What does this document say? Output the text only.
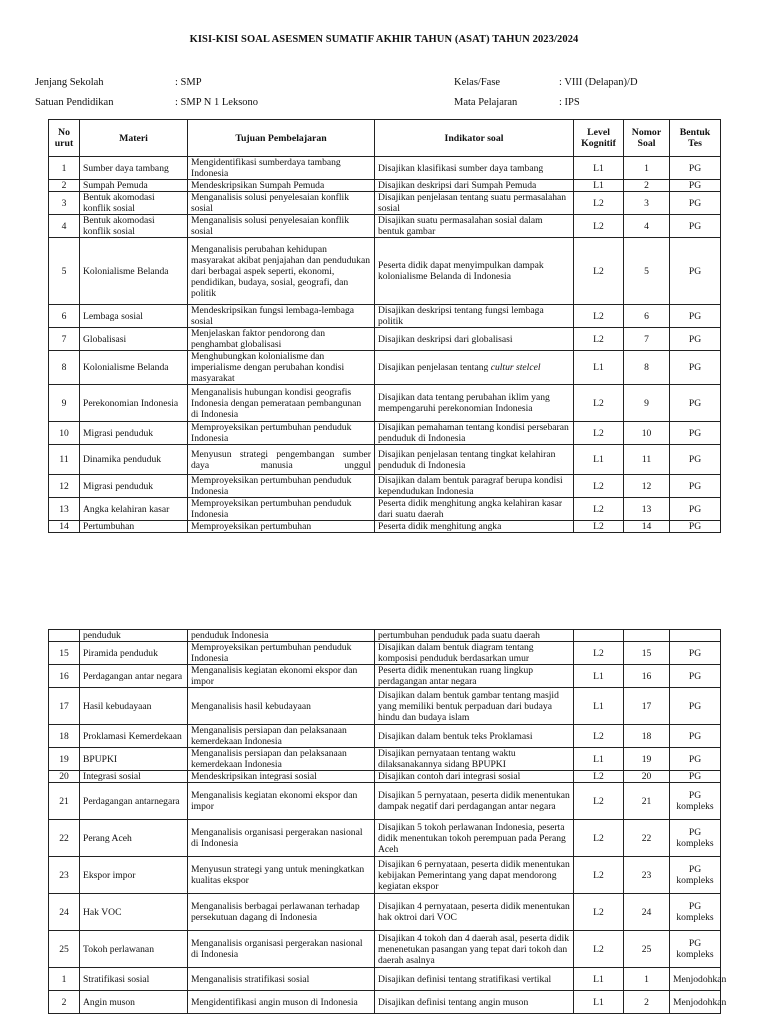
KISI-KISI SOAL ASESMEN SUMATIF AKHIR TAHUN (ASAT) TAHUN 2023/2024
Jenjang Sekolah	: SMP	Kelas/Fase	: VIII (Delapan)/D
Satuan Pendidikan	: SMP N 1 Leksono	Mata Pelajaran	: IPS
No urut	Materi	Tujuan Pembelajaran	Indikator soal	Level Kognitif	Nomor Soal	Bentuk Tes
1	Sumber daya tambang	Mengidentifikasi sumberdaya tambang Indonesia	Disajikan klasifikasi sumber daya tambang	L1	1	PG
2	Sumpah Pemuda	Mendeskripsikan Sumpah Pemuda	Disajikan deskripsi dari Sumpah Pemuda	L1	2	PG
3	Bentuk akomodasi konflik sosial	Menganalisis solusi penyelesaian konflik sosial	Disajikan penjelasan tentang suatu permasalahan sosial	L2	3	PG
4	Bentuk akomodasi konflik sosial	Menganalisis solusi penyelesaian konflik sosial	Disajikan suatu permasalahan sosial dalam bentuk gambar	L2	4	PG
5	Kolonialisme Belanda	Menganalisis perubahan kehidupan masyarakat akibat penjajahan dan pendudukan dari berbagai aspek seperti, ekonomi, pendidikan, budaya, sosial, geografi, dan politik	Peserta didik dapat menyimpulkan dampak kolonialisme Belanda di Indonesia	L2	5	PG
6	Lembaga sosial	Mendeskripsikan fungsi lembaga-lembaga sosial	Disajikan deskripsi tentang fungsi lembaga politik	L2	6	PG
7	Globalisasi	Menjelaskan faktor pendorong dan penghambat globalisasi	Disajikan deskripsi dari globalisasi	L2	7	PG
8	Kolonialisme Belanda	Menghubungkan kolonialisme dan imperialisme dengan perubahan kondisi masyarakat	Disajikan penjelasan tentang cultur stelcel	L1	8	PG
9	Perekonomian Indonesia	Menganalisis hubungan kondisi geografis Indonesia dengan pemerataan pembangunan di Indonesia	Disajikan data tentang perubahan iklim yang mempengaruhi perekonomian Indonesia	L2	9	PG
10	Migrasi penduduk	Memproyeksikan pertumbuhan penduduk Indonesia	Disajikan pemahaman tentang kondisi persebaran penduduk di Indonesia	L2	10	PG
11	Dinamika penduduk	Menyusun strategi pengembangan sumber daya manusia unggul	Disajikan penjelasan tentang tingkat kelahiran penduduk di Indonesia	L1	11	PG
12	Migrasi penduduk	Memproyeksikan pertumbuhan penduduk Indonesia	Disajikan dalam bentuk paragraf berupa kondisi kependudukan Indonesia	L2	12	PG
13	Angka kelahiran kasar	Memproyeksikan pertumbuhan penduduk Indonesia	Peserta didik menghitung angka kelahiran kasar dari suatu daerah	L2	13	PG
14	Pertumbuhan	Memproyeksikan pertumbuhan	Peserta didik menghitung angka	L2	14	PG
	penduduk	penduduk Indonesia	pertumbuhan penduduk pada suatu daerah			
15	Piramida penduduk	Memproyeksikan pertumbuhan penduduk Indonesia	Disajikan dalam bentuk diagram tentang komposisi penduduk berdasarkan umur	L2	15	PG
16	Perdagangan antar negara	Menganalisis kegiatan ekonomi ekspor dan impor	Peserta didik menentukan ruang lingkup perdagangan antar negara	L1	16	PG
17	Hasil kebudayaan	Menganalisis hasil kebudayaan	Disajikan dalam bentuk gambar tentang masjid yang memiliki bentuk perpaduan dari budaya hindu dan budaya islam	L1	17	PG
18	Proklamasi Kemerdekaan	Menganalisis persiapan dan pelaksanaan kemerdekaan Indonesia	Disajikan dalam bentuk teks Proklamasi	L2	18	PG
19	BPUPKI	Menganalisis persiapan dan pelaksanaan kemerdekaan Indonesia	Disajikan pernyataan tentang waktu dilaksanakannya sidang BPUPKI	L1	19	PG
20	Integrasi sosial	Mendeskripsikan integrasi sosial	Disajikan contoh dari integrasi sosial	L2	20	PG
21	Perdagangan antarnegara	Menganalisis kegiatan ekonomi ekspor dan impor	Disajikan 5 pernyataan, peserta didik menentukan dampak negatif dari perdagangan antar negara	L2	21	PG kompleks
22	Perang Aceh	Menganalisis organisasi pergerakan nasional di Indonesia	Disajikan 5 tokoh perlawanan Indonesia, peserta didik menentukan tokoh perempuan pada Perang Aceh	L2	22	PG kompleks
23	Ekspor impor	Menyusun strategi yang untuk meningkatkan kualitas ekspor	Disajikan 6 pernyataan, peserta didik menentukan kebijakan Pemerintang yang dapat mendorong kegiatan ekspor	L2	23	PG kompleks
24	Hak VOC	Menganalisis berbagai perlawanan terhadap persekutuan dagang di Indonesia	Disajikan 4 pernyataan, peserta didik menentukan hak oktroi dari VOC	L2	24	PG kompleks
25	Tokoh perlawanan	Menganalisis organisasi pergerakan nasional di Indonesia	Disajikan 4 tokoh dan 4 daerah asal, peserta didik menenetukan pasangan yang tepat dari tokoh dan daerah asalnya	L2	25	PG kompleks
1	Stratifikasi sosial	Menganalisis stratifikasi sosial	Disajikan definisi tentang stratifikasi vertikal	L1	1	Menjodohkan
2	Angin muson	Mengidentifikasi angin muson di Indonesia	Disajikan definisi tentang angin muson	L1	2	Menjodohkan
